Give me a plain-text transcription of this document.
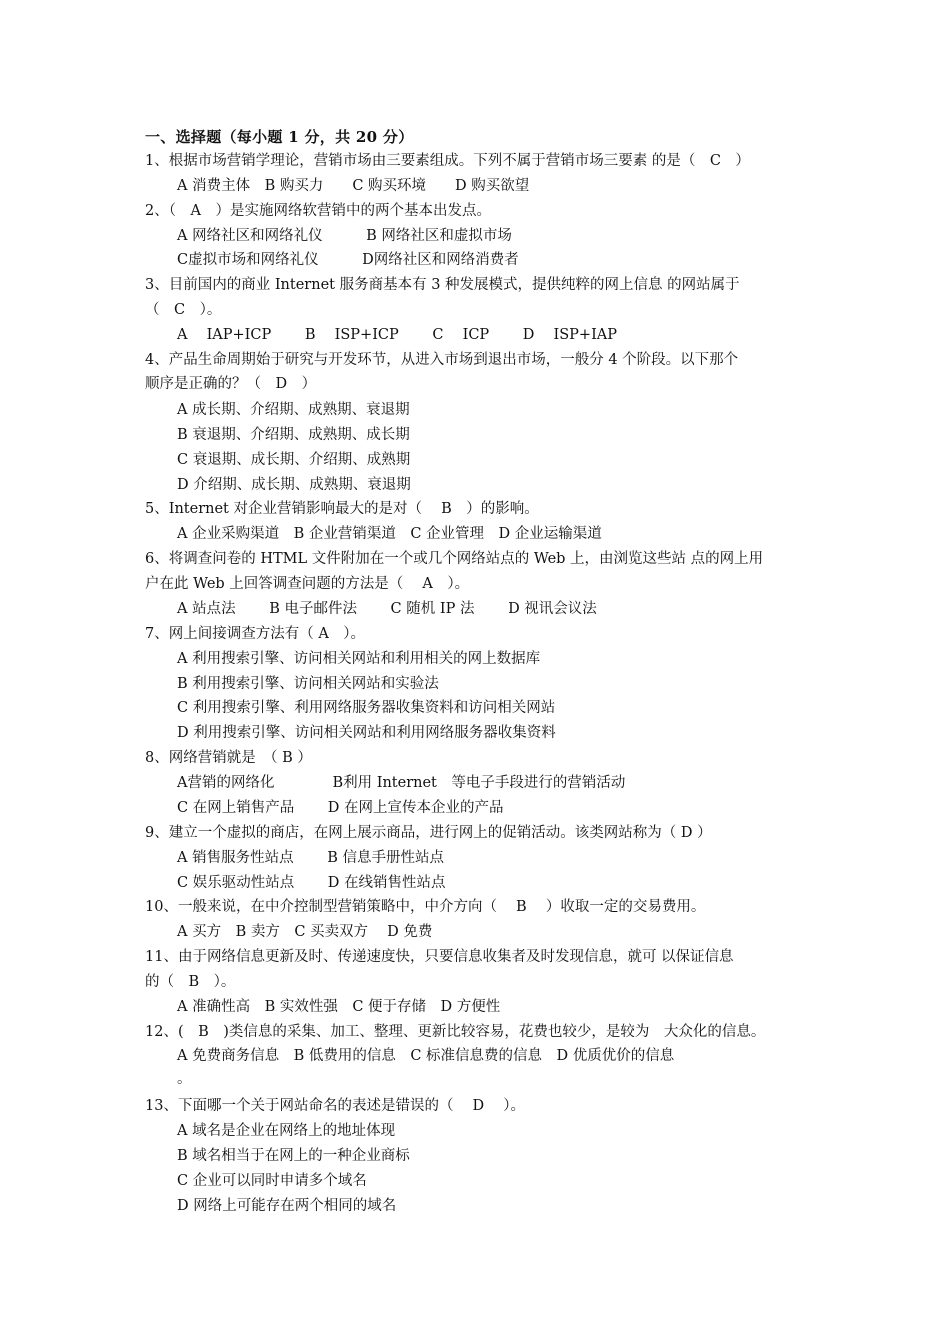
一、选择题（每小题 1 分，共 20 分）
1、根据市场营销学理论，营销市场由三要素组成。下列不属于营销市场三要素 的是（　C　）
A 消费主体　B 购买力　　C 购买环境　　D 购买欲望
2、（　A　）是实施网络软营销中的两个基本出发点。
A 网络社区和网络礼仪　　　B 网络社区和虚拟市场
C虚拟市场和网络礼仪　　　D网络社区和网络消费者
3、目前国内的商业 Internet 服务商基本有 3 种发展模式，提供纯粹的网上信息 的网站属于
（　C　）。
A　 IAP+ICP　　 B　 ISP+ICP　　 C　 ICP　　 D　 ISP+IAP
4、产品生命周期始于研究与开发环节，从进入市场到退出市场，一般分 4 个阶段。以下那个
顺序是正确的？（　D　）
A 成长期、介绍期、成熟期、衰退期
B 衰退期、介绍期、成熟期、成长期
C 衰退期、成长期、介绍期、成熟期
D 介绍期、成长期、成熟期、衰退期
5、Internet 对企业营销影响最大的是对（　 B　）的影响。
A 企业采购渠道　B 企业营销渠道　C 企业管理　D 企业运输渠道
6、将调查问卷的 HTML 文件附加在一个或几个网络站点的 Web 上，由浏览这些站 点的网上用
户在此 Web 上回答调查问题的方法是（　 A　）。
A 站点法　　 B 电子邮件法　　 C 随机 IP 法　　 D 视讯会议法
7、网上间接调查方法有（ A　）。
A 利用搜索引擎、访问相关网站和利用相关的网上数据库
B 利用搜索引擎、访问相关网站和实验法
C 利用搜索引擎、利用网络服务器收集资料和访问相关网站
D 利用搜索引擎、访问相关网站和利用网络服务器收集资料
8、网络营销就是　（ B ）
A营销的网络化　　　　B利用 Internet　等电子手段进行的营销活动
C 在网上销售产品　　 D 在网上宣传本企业的产品
9、建立一个虚拟的商店，在网上展示商品，进行网上的促销活动。该类网站称为（ D ）
A 销售服务性站点　　 B 信息手册性站点
C 娱乐驱动性站点　　 D 在线销售性站点
10、一般来说，在中介控制型营销策略中，中介方向（　 B　 ）收取一定的交易费用。
A 买方　B 卖方　C 买卖双方　 D 免费
11、由于网络信息更新及时、传递速度快，只要信息收集者及时发现信息，就可 以保证信息
的（　B　）。
A 准确性高　B 实效性强　C 便于存储　D 方便性
12、(　B　)类信息的采集、加工、整理、更新比较容易，花费也较少，是较为　大众化的信息。
A 免费商务信息　B 低费用的信息　C 标准信息费的信息　D 优质优价的信息
。
13、下面哪一个关于网站命名的表述是错误的（　 D　 ）。
A 域名是企业在网络上的地址体现
B 域名相当于在网上的一种企业商标
C 企业可以同时申请多个域名
D 网络上可能存在两个相同的域名
